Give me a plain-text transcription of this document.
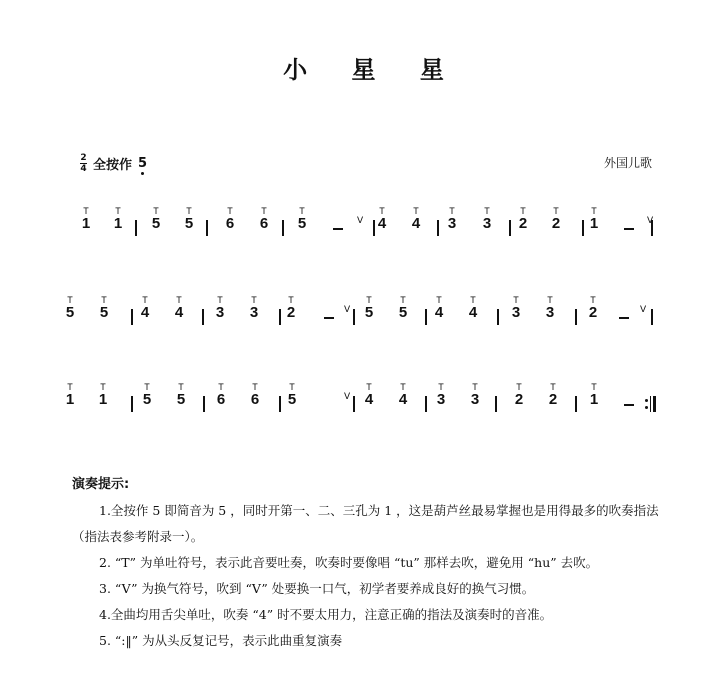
小 星 星
2
4 全按作 5	外国儿歌
T
1
T
1
T
5
T
5
T
6
T
6
T
5
T
4
T
4
T
3
T
3
T
2
T
2
T
1
V	V
T
5
T
5
T
4
T
4
T
3
T
3
T
2
T
5
T
5
T
4
T
4
T
3
T
3
T
2
V	V
T
1
T
1
T
5
T
5
T
6
T
6
T
5
T
4
T
4
T
3
T
3
T
2
T
2
T
1
V
演奏提示:

1.全按作 5 即简音为 5 ，同时开第一、二、三孔为 1 ，这是葫芦丝最易掌握也是用得最多的吹奏指法（指法表参考附录一）。

2. “T” 为单吐符号，表示此音要吐奏，吹奏时要像唱 “tu” 那样去吹，避免用 “hu” 去吹。

3. “V” 为换气符号，吹到 “V” 处要换一口气，初学者要养成良好的换气习惯。

4.全曲均用舌尖单吐，吹奏 “4” 时不要太用力，注意正确的指法及演奏时的音准。

5. “:‖” 为从头反复记号，表示此曲重复演奏
